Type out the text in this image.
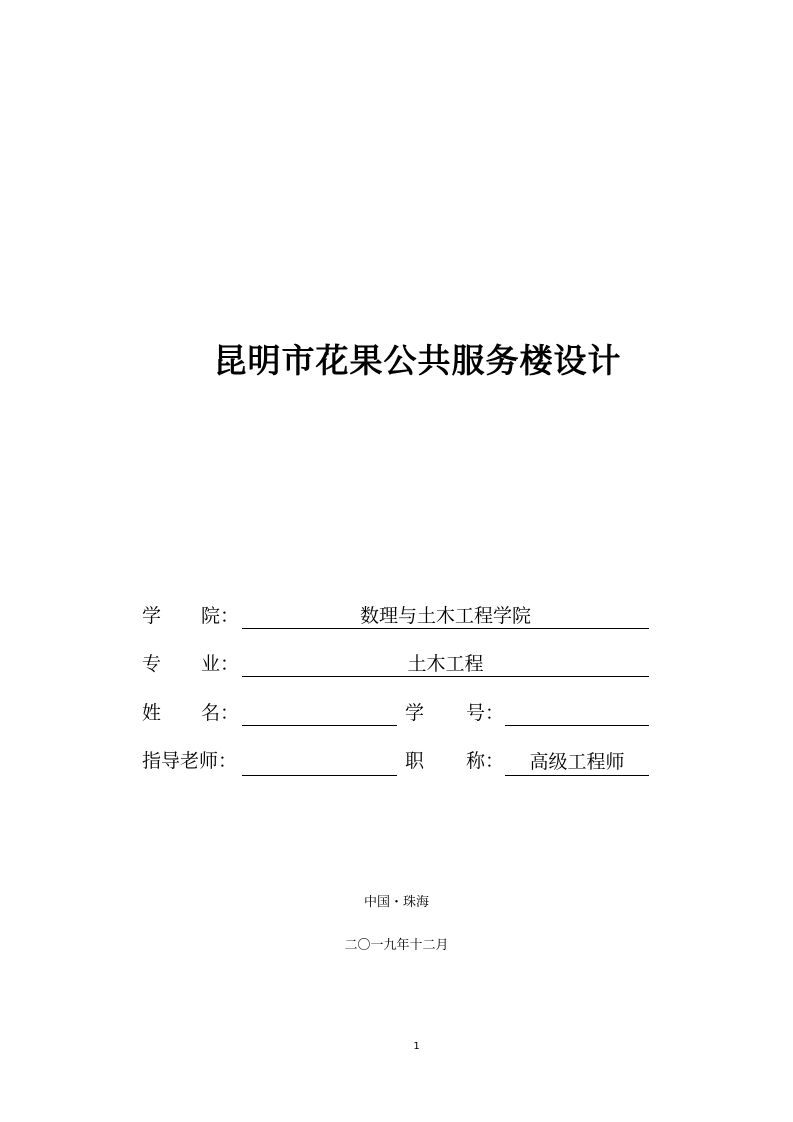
昆明市花果公共服务楼设计
学 院：	数理与土木工程学院
专 业：	土木工程
姓 名：	学 号：
指导老师：	职 称：	高级工程师
中国・珠海
二〇一九年十二月
1
